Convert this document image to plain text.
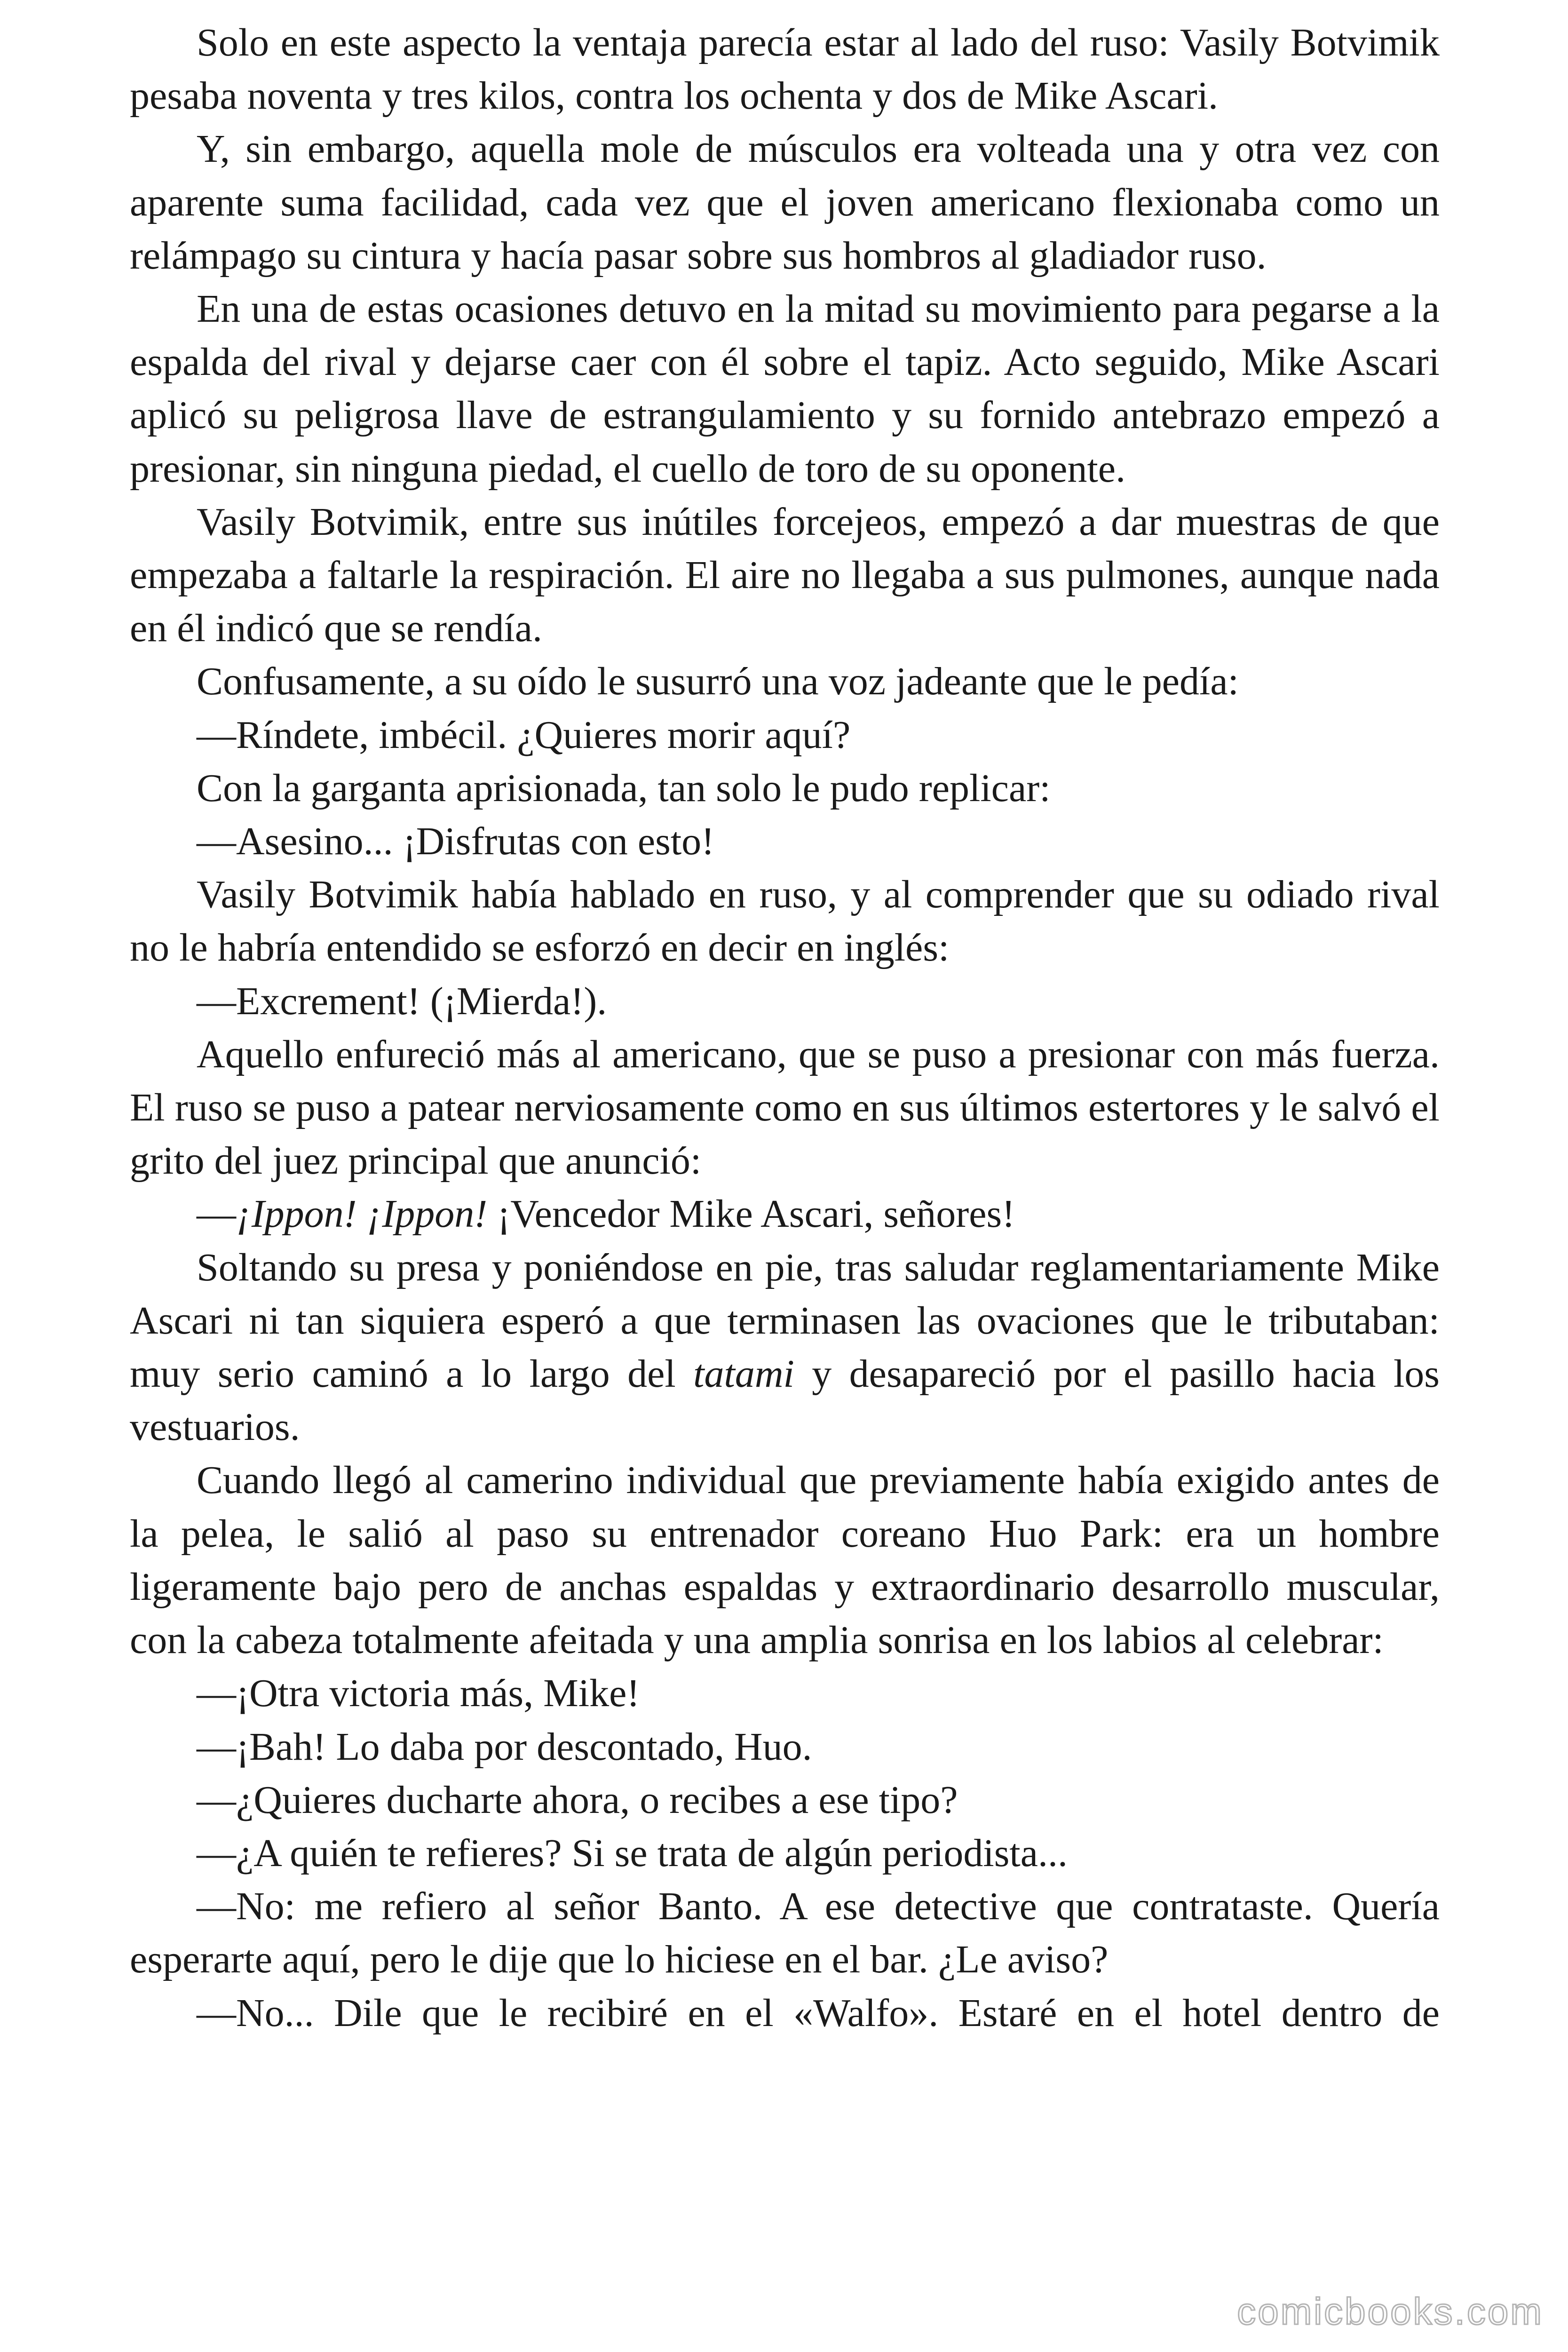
Solo en este aspecto la ventaja parecía estar al lado del ruso: Vasily Botvimik pesaba noventa y tres kilos, contra los ochenta y dos de Mike Ascari.

Y, sin embargo, aquella mole de músculos era volteada una y otra vez con aparente suma facilidad, cada vez que el joven americano flexionaba como un relámpago su cintura y hacía pasar sobre sus hombros al gladiador ruso.

En una de estas ocasiones detuvo en la mitad su movimiento para pegarse a la espalda del rival y dejarse caer con él sobre el tapiz. Acto seguido, Mike Ascari aplicó su peligrosa llave de estrangulamiento y su fornido antebrazo empezó a presionar, sin ninguna piedad, el cuello de toro de su oponente.

Vasily Botvimik, entre sus inútiles forcejeos, empezó a dar muestras de que empezaba a faltarle la respiración. El aire no llegaba a sus pulmones, aunque nada en él indicó que se rendía.

Confusamente, a su oído le susurró una voz jadeante que le pedía:

—Ríndete, imbécil. ¿Quieres morir aquí?

Con la garganta aprisionada, tan solo le pudo replicar:

—Asesino... ¡Disfrutas con esto!

Vasily Botvimik había hablado en ruso, y al comprender que su odiado rival no le habría entendido se esforzó en decir en inglés:

—Excrement! (¡Mierda!).

Aquello enfureció más al americano, que se puso a presionar con más fuerza. El ruso se puso a patear nerviosamente como en sus últimos estertores y le salvó el grito del juez principal que anunció:

—¡Ippon! ¡Ippon! ¡Vencedor Mike Ascari, señores!

Soltando su presa y poniéndose en pie, tras saludar reglamentariamente Mike Ascari ni tan siquiera esperó a que terminasen las ovaciones que le tributaban: muy serio caminó a lo largo del tatami y desapareció por el pasillo hacia los vestuarios.

Cuando llegó al camerino individual que previamente había exigido antes de la pelea, le salió al paso su entrenador coreano Huo Park: era un hombre ligeramente bajo pero de anchas espaldas y extraordinario desarrollo muscular, con la cabeza totalmente afeitada y una amplia sonrisa en los labios al celebrar:

—¡Otra victoria más, Mike!

—¡Bah! Lo daba por descontado, Huo.

—¿Quieres ducharte ahora, o recibes a ese tipo?

—¿A quién te refieres? Si se trata de algún periodista...

—No: me refiero al señor Banto. A ese detective que contrataste. Quería esperarte aquí, pero le dije que lo hiciese en el bar. ¿Le aviso?

—No... Dile que le recibiré en el «Walfo». Estaré en el hotel dentro de

comicbooks.com
